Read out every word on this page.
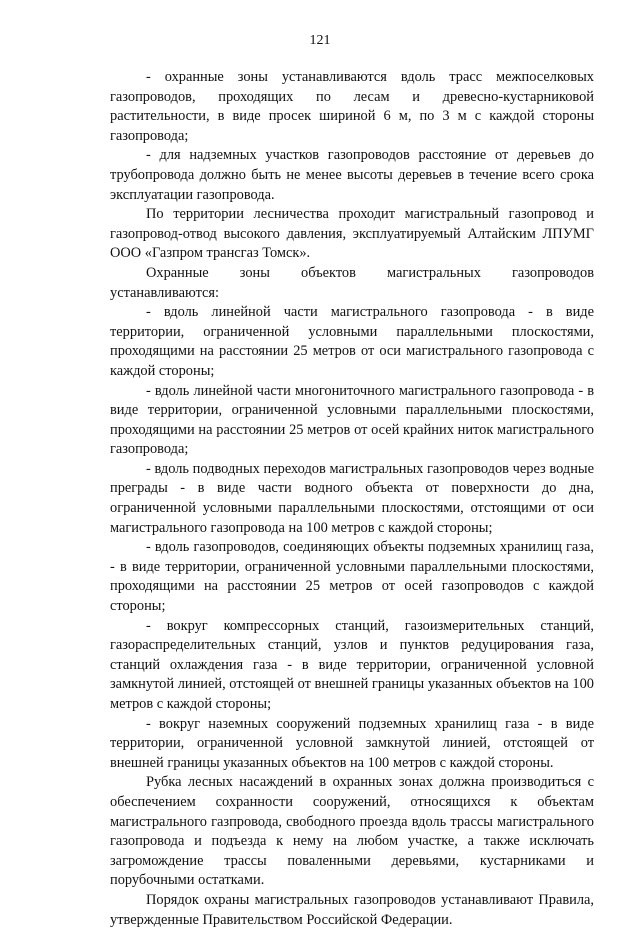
121

- охранные зоны устанавливаются вдоль трасс межпоселковых газопроводов, проходящих по лесам и древесно-кустарниковой растительности, в виде просек шириной 6 м, по 3 м с каждой стороны газопровода;

- для надземных участков газопроводов расстояние от деревьев до трубопровода должно быть не менее высоты деревьев в течение всего срока эксплуатации газопровода.

По территории лесничества проходит магистральный газопровод и газопровод-отвод высокого давления, эксплуатируемый Алтайским ЛПУМГ ООО «Газпром трансгаз Томск».

Охранные зоны объектов магистральных газопроводов устанавливаются:

- вдоль линейной части магистрального газопровода - в виде территории, ограниченной условными параллельными плоскостями, проходящими на расстоянии 25 метров от оси магистрального газопровода с каждой стороны;

- вдоль линейной части многониточного магистрального газопровода - в виде территории, ограниченной условными параллельными плоскостями, проходящими на расстоянии 25 метров от осей крайних ниток магистрального газопровода;

- вдоль подводных переходов магистральных газопроводов через водные преграды - в виде части водного объекта от поверхности до дна, ограниченной условными параллельными плоскостями, отстоящими от оси магистрального газопровода на 100 метров с каждой стороны;

- вдоль газопроводов, соединяющих объекты подземных хранилищ газа, - в виде территории, ограниченной условными параллельными плоскостями, проходящими на расстоянии 25 метров от осей газопроводов с каждой стороны;

- вокруг компрессорных станций, газоизмерительных станций, газораспределительных станций, узлов и пунктов редуцирования газа, станций охлаждения газа - в виде территории, ограниченной условной замкнутой линией, отстоящей от внешней границы указанных объектов на 100 метров с каждой стороны;

- вокруг наземных сооружений подземных хранилищ газа - в виде территории, ограниченной условной замкнутой линией, отстоящей от внешней границы указанных объектов на 100 метров с каждой стороны.

Рубка лесных насаждений в охранных зонах должна производиться с обеспечением сохранности сооружений, относящихся к объектам магистрального газпровода, свободного проезда вдоль трассы магистрального газопровода и подъезда к нему на любом участке, а также исключать загромождение трассы поваленными деревьями, кустарниками и порубочными остатками.

Порядок охраны магистральных газопроводов устанавливают Правила, утвержденные Правительством Российской Федерации.
